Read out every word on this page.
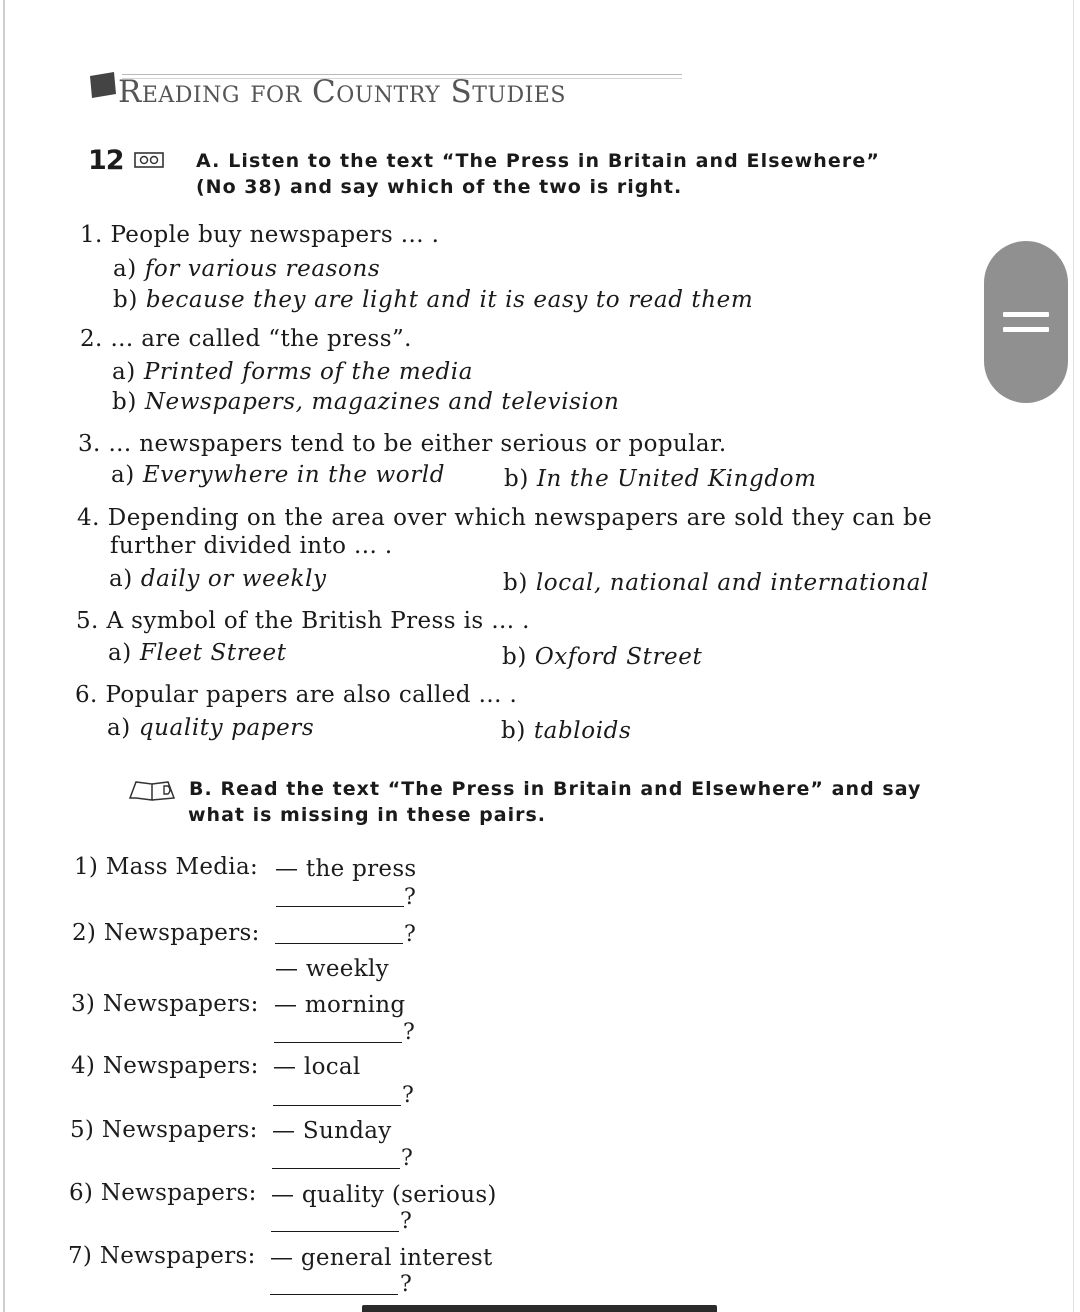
Reading for Country Studies
12	A. Listen to the text “The Press in Britain and Elsewhere”
(No 38) and say which of the two is right.
1. People buy newspapers ... .
a) for various reasons
b) because they are light and it is easy to read them
2. ... are called “the press”.
a) Printed forms of the media
b) Newspapers, magazines and television
3. ... newspapers tend to be either serious or popular.
a) Everywhere in the world	b) In the United Kingdom
4. Depending on the area over which newspapers are sold they can be
further divided into ... .
a) daily or weekly	b) local, national and international
5. A symbol of the British Press is ... .
a) Fleet Street	b) Oxford Street
6. Popular papers are also called ... .
a) quality papers	b) tabloids
B. Read the text “The Press in Britain and Elsewhere” and say
what is missing in these pairs.
1) Mass Media: — the press
?
2) Newspapers:	?
— weekly
3) Newspapers: — morning
?
4) Newspapers: — local
?
5) Newspapers: — Sunday
?
6) Newspapers: — quality (serious)
?
7) Newspapers: — general interest
?
